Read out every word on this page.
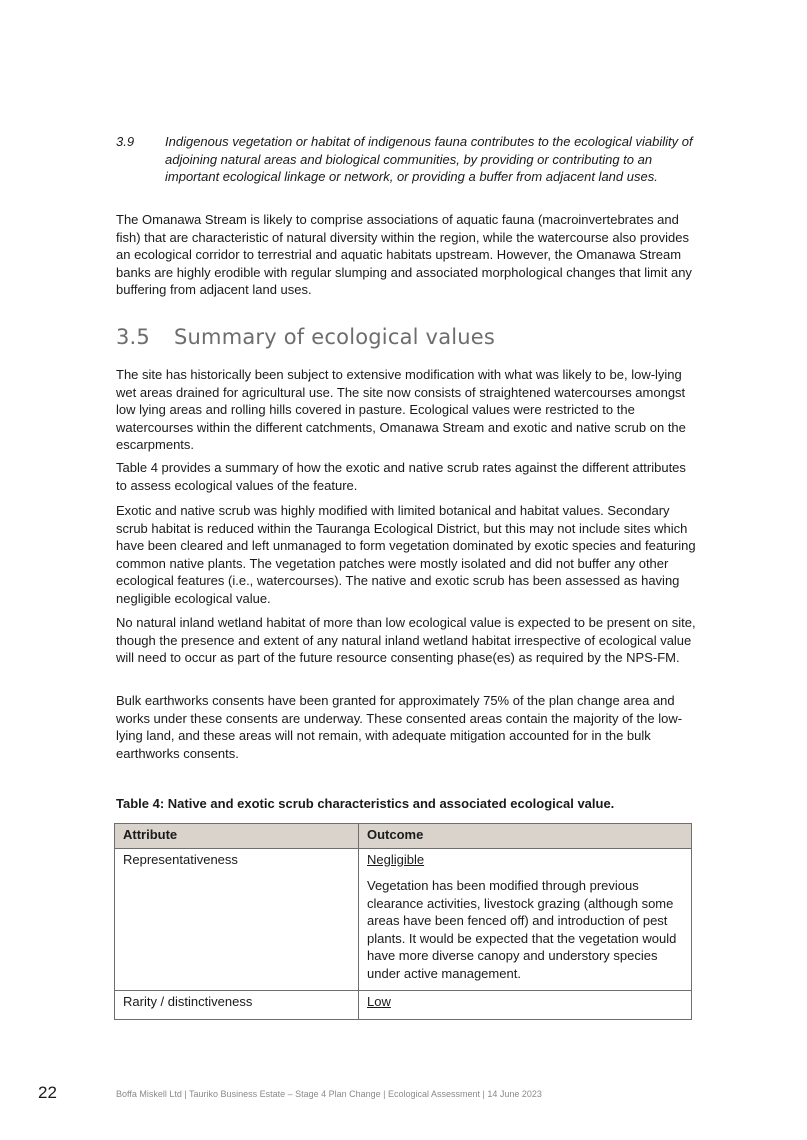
3.9 Indigenous vegetation or habitat of indigenous fauna contributes to the ecological viability of adjoining natural areas and biological communities, by providing or contributing to an important ecological linkage or network, or providing a buffer from adjacent land uses.

The Omanawa Stream is likely to comprise associations of aquatic fauna (macroinvertebrates and fish) that are characteristic of natural diversity within the region, while the watercourse also provides an ecological corridor to terrestrial and aquatic habitats upstream. However, the Omanawa Stream banks are highly erodible with regular slumping and associated morphological changes that limit any buffering from adjacent land uses.

3.5 Summary of ecological values

The site has historically been subject to extensive modification with what was likely to be, low-lying wet areas drained for agricultural use. The site now consists of straightened watercourses amongst low lying areas and rolling hills covered in pasture. Ecological values were restricted to the watercourses within the different catchments, Omanawa Stream and exotic and native scrub on the escarpments.

Table 4 provides a summary of how the exotic and native scrub rates against the different attributes to assess ecological values of the feature.

Exotic and native scrub was highly modified with limited botanical and habitat values. Secondary scrub habitat is reduced within the Tauranga Ecological District, but this may not include sites which have been cleared and left unmanaged to form vegetation dominated by exotic species and featuring common native plants. The vegetation patches were mostly isolated and did not buffer any other ecological features (i.e., watercourses). The native and exotic scrub has been assessed as having negligible ecological value.

No natural inland wetland habitat of more than low ecological value is expected to be present on site, though the presence and extent of any natural inland wetland habitat irrespective of ecological value will need to occur as part of the future resource consenting phase(es) as required by the NPS-FM.

Bulk earthworks consents have been granted for approximately 75% of the plan change area and works under these consents are underway. These consented areas contain the majority of the low-lying land, and these areas will not remain, with adequate mitigation accounted for in the bulk earthworks consents.

Table 4: Native and exotic scrub characteristics and associated ecological value.
Attribute	Outcome
Representativeness	Negligible
Vegetation has been modified through previous clearance activities, livestock grazing (although some areas have been fenced off) and introduction of pest plants. It would be expected that the vegetation would have more diverse canopy and understory species under active management.

Rarity / distinctiveness	Low
22	Boffa Miskell Ltd | Tauriko Business Estate – Stage 4 Plan Change | Ecological Assessment | 14 June 2023
